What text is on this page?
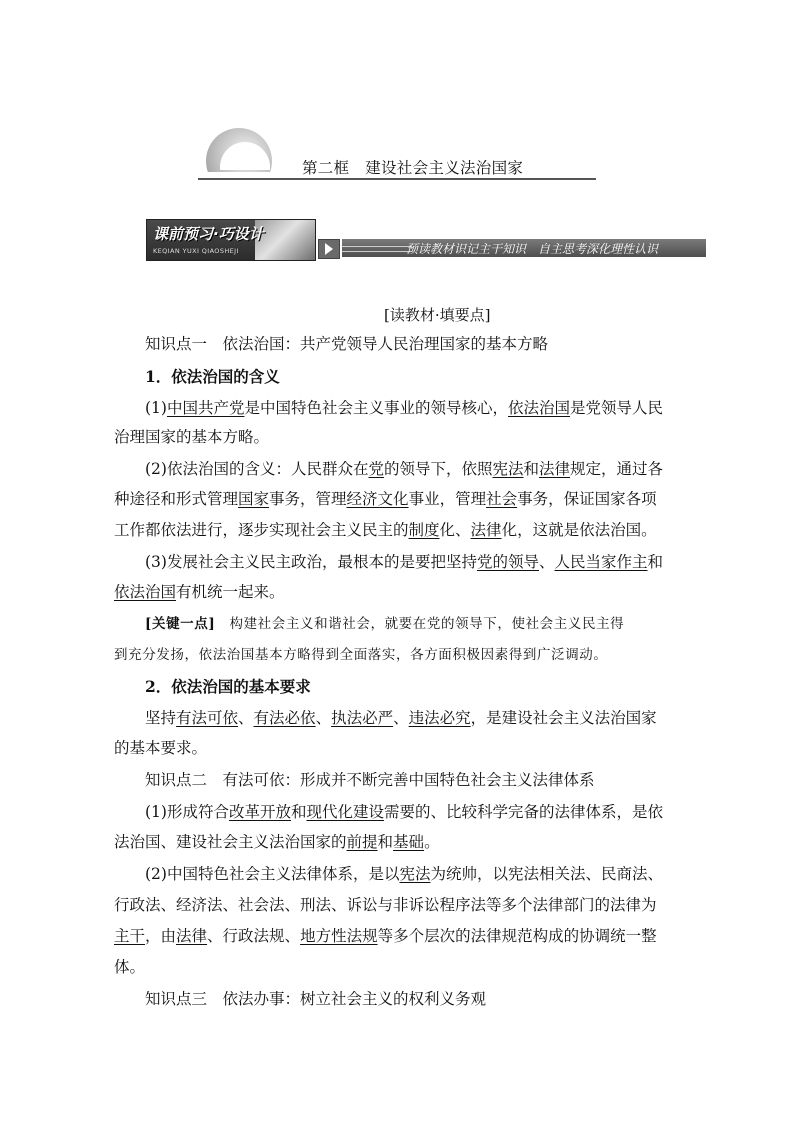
第二框　建设社会主义法治国家
课前预习·巧设计
KEQIAN YUXI QIAOSHEJI	预读教材识记主干知识　自主思考深化理性认识
[读教材·填要点]
知识点一　依法治国：共产党领导人民治理国家的基本方略
1．依法治国的含义
(1)中国共产党是中国特色社会主义事业的领导核心，依法治国是党领导人民
治理国家的基本方略。
(2)依法治国的含义：人民群众在党的领导下，依照宪法和法律规定，通过各
种途径和形式管理国家事务，管理经济文化事业，管理社会事务，保证国家各项
工作都依法进行，逐步实现社会主义民主的制度化、法律化，这就是依法治国。
(3)发展社会主义民主政治，最根本的是要把坚持党的领导、人民当家作主和
依法治国有机统一起来。
[关键一点]　构建社会主义和谐社会，就要在党的领导下，使社会主义民主得
到充分发扬，依法治国基本方略得到全面落实，各方面积极因素得到广泛调动。
2．依法治国的基本要求
坚持有法可依、有法必依、执法必严、违法必究，是建设社会主义法治国家
的基本要求。
知识点二　有法可依：形成并不断完善中国特色社会主义法律体系
(1)形成符合改革开放和现代化建设需要的、比较科学完备的法律体系，是依
法治国、建设社会主义法治国家的前提和基础。
(2)中国特色社会主义法律体系，是以宪法为统帅，以宪法相关法、民商法、
行政法、经济法、社会法、刑法、诉讼与非诉讼程序法等多个法律部门的法律为
主干，由法律、行政法规、地方性法规等多个层次的法律规范构成的协调统一整
体。
知识点三　依法办事：树立社会主义的权利义务观
